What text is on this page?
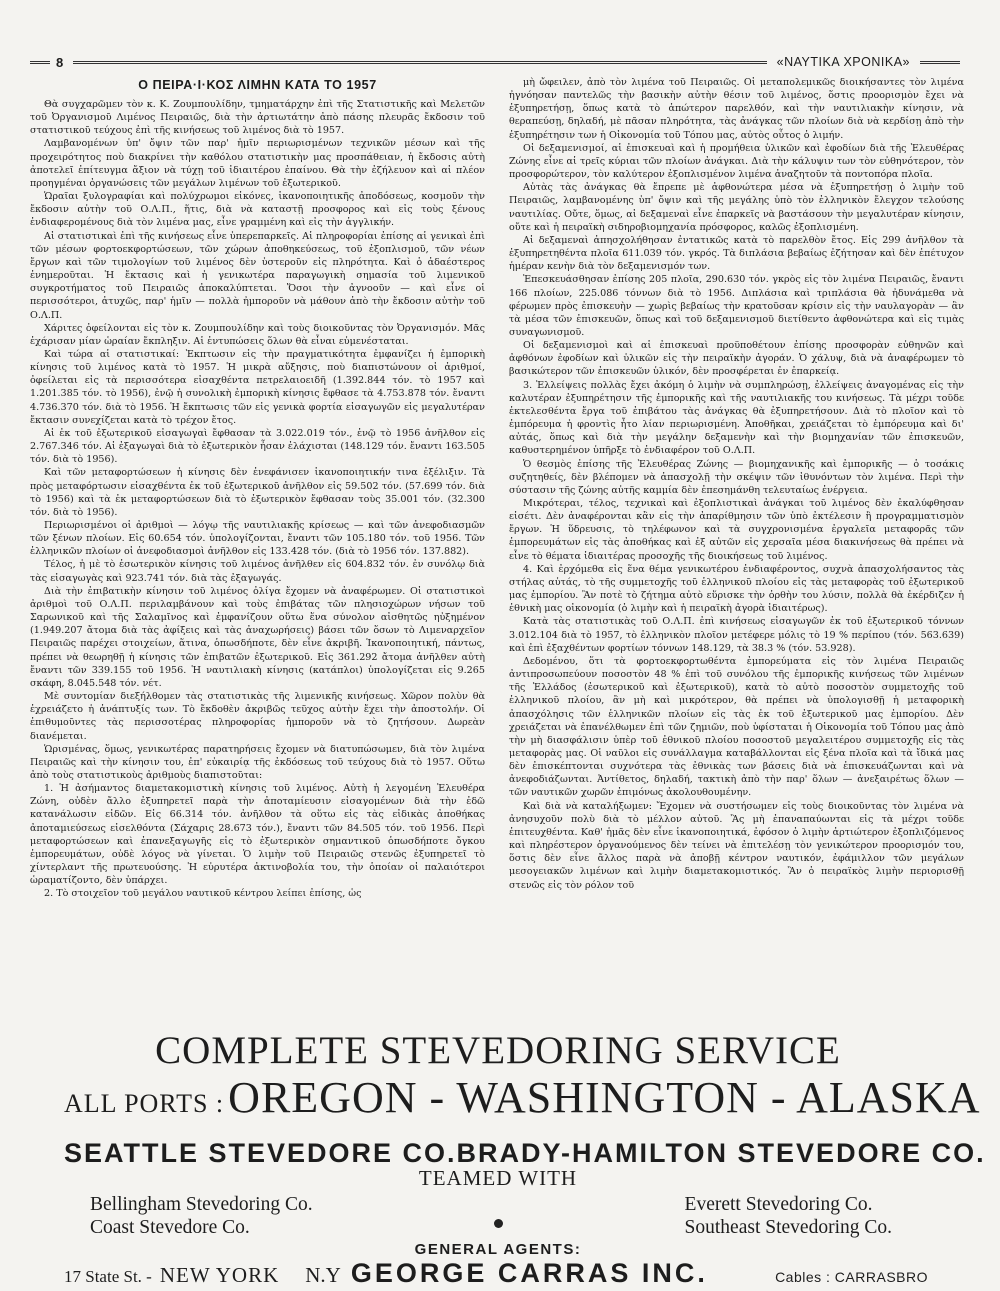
8	«ΝΑΥΤΙΚΑ ΧΡΟΝΙΚΑ»
Ο ΠΕΙΡΑ·Ι·ΚΟΣ ΛΙΜΗΝ ΚΑΤΑ ΤΟ 1957

Θὰ συγχαρῶμεν τὸν κ. Κ. Ζουμπουλίδην, τμηματάρχην ἐπὶ τῆς Στατιστικῆς καὶ Μελετῶν τοῦ Ὀργανισμοῦ Λιμένος Πειραιῶς, διὰ τὴν ἀρτιωτάτην ἀπὸ πάσης πλευρᾶς ἔκδοσιν τοῦ στατιστικοῦ τεύχους ἐπὶ τῆς κινήσεως τοῦ λιμένος διὰ τὸ 1957.

Λαμβανομένων ὑπ' ὄψιν τῶν παρ' ἡμῖν περιωρισμένων τεχνικῶν μέσων καὶ τῆς προχειρότητος ποὺ διακρίνει τὴν καθόλου στατιστικὴν μας προσπάθειαν, ἡ ἔκδοσις αὐτὴ ἀποτελεῖ ἐπίτευγμα ἄξιον νὰ τύχῃ τοῦ ἰδιαιτέρου ἐπαίνου. Θὰ τὴν ἐζήλευον καὶ αἱ πλέον προηγμέναι ὀργανώσεις τῶν μεγάλων λιμένων τοῦ ἐξωτερικοῦ.

Ὡραῖαι ξυλογραφίαι καὶ πολύχρωμοι εἰκόνες, ἱκανοποιητικῆς ἀποδόσεως, κοσμοῦν τὴν ἔκδοσιν αὐτὴν τοῦ Ο.Λ.Π., ἥτις, διὰ νὰ καταστῇ προσφορος καὶ εἰς τοὺς ξένους ἐνδιαφερομένους διὰ τὸν λιμένα μας, εἶνε γραμμένη καὶ εἰς τὴν ἀγγλικήν.

Αἱ στατιστικαὶ ἐπὶ τῆς κινήσεως εἶνε ὑπερεπαρκεῖς. Αἱ πληροφορίαι ἐπίσης αἱ γενικαὶ ἐπὶ τῶν μέσων φορτοεκφορτώσεων, τῶν χώρων ἀποθηκεύσεως, τοῦ ἐξοπλισμοῦ, τῶν νέων ἔργων καὶ τῶν τιμολογίων τοῦ λιμένος δὲν ὑστεροῦν εἰς πληρότητα. Καὶ ὁ ἀδαέστερος ἐνημεροῦται. Ἡ ἔκτασις καὶ ἡ γενικωτέρα παραγωγικὴ σημασία τοῦ λιμενικοῦ συγκροτήματος τοῦ Πειραιῶς ἀποκαλύπτεται. Ὅσοι τὴν ἀγνοοῦν — καὶ εἶνε οἱ περισσότεροι, ἀτυχῶς, παρ' ἡμῖν — πολλὰ ἠμποροῦν νὰ μάθουν ἀπὸ τὴν ἔκδοσιν αὐτὴν τοῦ Ο.Λ.Π.

Χάριτες ὀφείλονται εἰς τὸν κ. Ζουμπουλίδην καὶ τοὺς διοικοῦντας τὸν Ὀργανισμόν. Μᾶς ἐχάρισαν μίαν ὡραίαν ἔκπληξιν. Αἱ ἐντυπώσεις ὅλων θὰ εἶναι εὐμενέσταται.

Καὶ τώρα αἱ στατιστικαί: Ἐκπτωσιν εἰς τὴν πραγματικότητα ἐμφανίζει ἡ ἐμπορικὴ κίνησις τοῦ λιμένος κατὰ τὸ 1957. Ἡ μικρὰ αὔξησις, ποὺ διαπιστώνουν οἱ ἀριθμοί, ὀφείλεται εἰς τὰ περισσότερα εἰσαχθέντα πετρελαιοειδῆ (1.392.844 τόν. τὸ 1957 καὶ 1.201.385 τόν. τὸ 1956), ἐνῷ ἡ συνολικὴ ἐμπορικὴ κίνησις ἔφθασε τὰ 4.753.878 τόν. ἔναντι 4.736.370 τόν. διὰ τὸ 1956. Ἡ ἔκπτωσις τῶν εἰς γενικὰ φορτία εἰσαγωγῶν εἰς μεγαλυτέραν ἔκτασιν συνεχίζεται κατὰ τὸ τρέχον ἔτος.

Αἱ ἐκ τοῦ ἐξωτερικοῦ εἰσαγωγαὶ ἔφθασαν τὰ 3.022.019 τόν., ἐνῷ τὸ 1956 ἀνῆλθον εἰς 2.767.346 τόν. Αἱ ἐξαγωγαὶ διὰ τὸ ἐξωτερικὸν ἦσαν ἐλάχισται (148.129 τόν. ἔναντι 163.505 τόν. διὰ τὸ 1956).

Καὶ τῶν μεταφορτώσεων ἡ κίνησις δὲν ἐνεφάνισεν ἱκανοποιητικήν τινα ἐξέλιξιν. Τὰ πρὸς μεταφόρτωσιν εἰσαχθέντα ἐκ τοῦ ἐξωτερικοῦ ἀνῆλθον εἰς 59.502 τόν. (57.699 τόν. διὰ τὸ 1956) καὶ τὰ ἐκ μεταφορτώσεων διὰ τὸ ἐξωτερικὸν ἔφθασαν τοὺς 35.001 τόν. (32.300 τόν. διὰ τὸ 1956).

Περιωρισμένοι οἱ ἀριθμοὶ — λόγῳ τῆς ναυτιλιακῆς κρίσεως — καὶ τῶν ἀνεφοδιασμῶν τῶν ξένων πλοίων. Εἰς 60.654 τόν. ὑπολογίζονται, ἔναντι τῶν 105.180 τόν. τοῦ 1956. Τῶν ἑλληνικῶν πλοίων οἱ ἀνεφοδιασμοὶ ἀνῆλθον εἰς 133.428 τόν. (διὰ τὸ 1956 τόν. 137.882).

Τέλος, ἡ μὲ τὸ ἐσωτερικὸν κίνησις τοῦ λιμένος ἀνῆλθεν εἰς 604.832 τόν. ἐν συνόλῳ διὰ τὰς εἰσαγωγὰς καὶ 923.741 τόν. διὰ τὰς ἐξαγωγάς.

Διὰ τὴν ἐπιβατικὴν κίνησιν τοῦ λιμένος ὀλίγα ἔχομεν νὰ ἀναφέρωμεν. Οἱ στατιστικοὶ ἀριθμοὶ τοῦ Ο.Λ.Π. περιλαμβάνουν καὶ τοὺς ἐπιβάτας τῶν πλησιοχώρων νήσων τοῦ Σαρωνικοῦ καὶ τῆς Σαλαμῖνος καὶ ἐμφανίζουν οὕτω ἕνα σύνολον αἰσθητῶς ηὐξημένον (1.949.207 ἄτομα διὰ τὰς ἀφίξεις καὶ τὰς ἀναχωρήσεις) βάσει τῶν ὅσων τὸ Λιμεναρχεῖον Πειραιῶς παρέχει στοιχείων, ἅτινα, ὁπωσδήποτε, δὲν εἶνε ἀκριβῆ. Ἱκανοποιητική, πάντως, πρέπει νὰ θεωρηθῇ ἡ κίνησις τῶν ἐπιβατῶν ἐξωτερικοῦ. Εἰς 361.292 ἄτομα ἀνῆλθεν αὐτὴ ἔναντι τῶν 339.155 τοῦ 1956. Ἡ ναυτιλιακὴ κίνησις (κατάπλοι) ὑπολογίζεται εἰς 9.265 σκάφη, 8.045.548 τόν. νέτ.

Μὲ συντομίαν διεξήλθομεν τὰς στατιστικὰς τῆς λιμενικῆς κινήσεως. Χῶρον πολὺν θὰ ἐχρειάζετο ἡ ἀνάπτυξίς των. Τὸ ἔκδοθὲν ἀκριβῶς τεῦχος αὐτὴν ἔχει τὴν ἀποστολήν. Οἱ ἐπιθυμοῦντες τὰς περισσοτέρας πληροφορίας ἠμποροῦν νὰ τὸ ζητήσουν. Δωρεὰν διανέμεται.

Ὡρισμένας, ὅμως, γενικωτέρας παρατηρήσεις ἔχομεν νὰ διατυπώσωμεν, διὰ τὸν λιμένα Πειραιῶς καὶ τὴν κίνησιν του, ἐπ' εὐκαιρίᾳ τῆς ἐκδόσεως τοῦ τεύχους διὰ τὸ 1957. Οὕτω ἀπὸ τοὺς στατιστικοὺς ἀριθμοὺς διαπιστοῦται:

1. Ἡ ἀσήμαντος διαμετακομιστικὴ κίνησις τοῦ λιμένος. Αὐτὴ ἡ λεγομένη Ἐλευθέρα Ζώνη, οὐδὲν ἄλλο ἐξυπηρετεῖ παρὰ τὴν ἀποταμίευσιν εἰσαγομένων διὰ τὴν ἐδῶ κατανάλωσιν εἰδῶν. Εἰς 66.314 τόν. ἀνῆλθον τὰ οὕτω εἰς τὰς εἰδικὰς ἀποθήκας ἀποταμιεύσεως εἰσελθόντα (Σάχαρις 28.673 τόν.), ἔναντι τῶν 84.505 τόν. τοῦ 1956. Περὶ μεταφορτώσεων καὶ ἐπανεξαγωγῆς εἰς τὸ ἐξωτερικὸν σημαντικοῦ ὁπωσδήποτε ὄγκου ἐμπορευμάτων, οὐδὲ λόγος νὰ γίνεται. Ὁ λιμὴν τοῦ Πειραιῶς στενῶς ἐξυπηρετεῖ τὸ χίντερλαντ τῆς πρωτευούσης. Ἡ εὐρυτέρα ἀκτινοβολία του, τὴν ὁποίαν οἱ παλαιότεροι ὡραματίζοντο, δὲν ὑπάρχει.

2. Τὸ στοιχεῖον τοῦ μεγάλου ναυτικοῦ κέντρου λείπει ἐπίσης, ὡς

μὴ ὤφειλεν, ἀπὸ τὸν λιμένα τοῦ Πειραιῶς. Οἱ μεταπολεμικῶς διοικήσαντες τὸν λιμένα ἠγνόησαν παντελῶς τὴν βασικὴν αὐτὴν θέσιν τοῦ λιμένος, ὅστις προορισμὸν ἔχει νὰ ἐξυπηρετήσῃ, ὅπως κατὰ τὸ ἀπώτερον παρελθόν, καὶ τὴν ναυτιλιακὴν κίνησιν, νὰ θεραπεύσῃ, δηλαδή, μὲ πᾶσαν πληρότητα, τὰς ἀνάγκας τῶν πλοίων διὰ νὰ κερδίσῃ ἀπὸ τὴν ἐξυπηρέτησιν των ἡ Οἰκονομία τοῦ Τόπου μας, αὐτὸς οὗτος ὁ λιμήν.

Οἱ δεξαμενισμοί, αἱ ἐπισκευαὶ καὶ ἡ προμήθεια ὑλικῶν καὶ ἐφοδίων διὰ τῆς Ἐλευθέρας Ζώνης εἶνε αἱ τρεῖς κύριαι τῶν πλοίων ἀνάγκαι. Διὰ τὴν κάλυψιν των τὸν εὐθηνότερον, τὸν προσφορώτερον, τὸν καλύτερον ἐξοπλισμένον λιμένα ἀναζητοῦν τὰ ποντοπόρα πλοῖα.

Αὐτὰς τὰς ἀνάγκας θὰ ἔπρεπε μὲ ἀφθονώτερα μέσα νὰ ἐξυπηρετήσῃ ὁ λιμὴν τοῦ Πειραιῶς, λαμβανομένης ὑπ' ὄψιν καὶ τῆς μεγάλης ὑπὸ τὸν ἑλληνικὸν ἔλεγχον τελούσης ναυτιλίας. Οὔτε, ὅμως, αἱ δεξαμεναὶ εἶνε ἐπαρκεῖς νὰ βαστάσουν τὴν μεγαλυτέραν κίνησιν, οὔτε καὶ ἡ πειραϊκὴ σιδηροβιομηχανία πρόσφορος, καλῶς ἐξοπλισμένη.

Αἱ δεξαμεναὶ ἀπησχολήθησαν ἐντατικῶς κατὰ τὸ παρελθὸν ἔτος. Εἰς 299 ἀνῆλθον τὰ ἐξυπηρετηθέντα πλοῖα 611.039 τόν. γκρός. Τὰ διπλάσια βεβαίως ἐζήτησαν καὶ δὲν ἐπέτυχον ἡμέραν κενὴν διὰ τὸν δεξαμενισμόν των.

Ἐπεσκευάσθησαν ἐπίσης 205 πλοῖα, 290.630 τόν. γκρὸς εἰς τὸν λιμένα Πειραιῶς, ἔναντι 166 πλοίων, 225.086 τόννων διὰ τὸ 1956. Διπλάσια καὶ τριπλάσια θὰ ἠδυνάμεθα νὰ φέρωμεν πρὸς ἐπισκευὴν — χωρὶς βεβαίως τὴν κρατοῦσαν κρίσιν εἰς τὴν ναυλαγορὰν — ἂν τὰ μέσα τῶν ἐπισκευῶν, ὅπως καὶ τοῦ δεξαμενισμοῦ διετίθεντο ἀφθονώτερα καὶ εἰς τιμὰς συναγωνισμοῦ.

Οἱ δεξαμενισμοὶ καὶ αἱ ἐπισκευαὶ προϋποθέτουν ἐπίσης προσφορὰν εὐθηνῶν καὶ ἀφθόνων ἐφοδίων καὶ ὑλικῶν εἰς τὴν πειραϊκὴν ἀγοράν. Ὁ χάλυψ, διὰ νὰ ἀναφέρωμεν τὸ βασικώτερον τῶν ἐπισκευῶν ὑλικόν, δὲν προσφέρεται ἐν ἐπαρκείᾳ.

3. Ἐλλείψεις πολλὰς ἔχει ἀκόμη ὁ λιμὴν νὰ συμπληρώσῃ, ἐλλείψεις ἀναγομένας εἰς τὴν καλυτέραν ἐξυπηρέτησιν τῆς ἐμπορικῆς καὶ τῆς ναυτιλιακῆς του κινήσεως. Τὰ μέχρι τοῦδε ἐκτελεσθέντα ἔργα τοῦ ἐπιβάτου τὰς ἀνάγκας θὰ ἐξυπηρετήσουν. Διὰ τὸ πλοῖον καὶ τὸ ἐμπόρευμα ἡ φροντὶς ἦτο λίαν περιωρισμένη. Ἀποθῆκαι, χρειάζεται τὸ ἐμπόρευμα καὶ δι' αὐτάς, ὅπως καὶ διὰ τὴν μεγάλην δεξαμενὴν καὶ τὴν βιομηχανίαν τῶν ἐπισκευῶν, καθυστερημένον ὑπῆρξε τὸ ἐνδιαφέρον τοῦ Ο.Λ.Π.

Ὁ θεσμὸς ἐπίσης τῆς Ἐλευθέρας Ζώνης — βιομηχανικῆς καὶ ἐμπορικῆς — ὁ τοσάκις συζητηθείς, δὲν βλέπομεν νὰ ἀπασχολῇ τὴν σκέψιν τῶν ἰθυνόντων τὸν λιμένα. Περὶ τὴν σύστασιν τῆς ζώνης αὐτῆς καμμία δὲν ἐπεσημάνθη τελευταίως ἐνέργεια.

Μικρότεραι, τέλος, τεχνικαὶ καὶ ἐξοπλιστικαὶ ἀνάγκαι τοῦ λιμένος δὲν ἐκαλύφθησαν εἰσέτι. Δὲν ἀναφέρονται κἂν εἰς τὴν ἀπαρίθμησιν τῶν ὑπὸ ἐκτέλεσιν ἢ προγραμματισμὸν ἔργων. Ἡ ὕδρευσις, τὸ τηλέφωνον καὶ τὰ συγχρονισμένα ἐργαλεῖα μεταφορᾶς τῶν ἐμπορευμάτων εἰς τὰς ἀποθήκας καὶ ἐξ αὐτῶν εἰς χερσαῖα μέσα διακινήσεως θὰ πρέπει νὰ εἶνε τὸ θέματα ἰδιαιτέρας προσοχῆς τῆς διοικήσεως τοῦ λιμένος.

4. Καὶ ἐρχόμεθα εἰς ἕνα θέμα γενικωτέρου ἐνδιαφέροντος, συχνὰ ἀπασχολήσαντος τὰς στήλας αὐτάς, τὸ τῆς συμμετοχῆς τοῦ ἑλληνικοῦ πλοίου εἰς τὰς μεταφορὰς τοῦ ἐξωτερικοῦ μας ἐμπορίου. Ἂν ποτὲ τὸ ζήτημα αὐτὸ εὕρισκε τὴν ὀρθὴν του λύσιν, πολλὰ θὰ ἐκέρδιζεν ἡ ἐθνικὴ μας οἰκονομία (ὁ λιμὴν καὶ ἡ πειραϊκὴ ἀγορὰ ἰδιαιτέρως).

Κατὰ τὰς στατιστικὰς τοῦ Ο.Λ.Π. ἐπὶ κινήσεως εἰσαγωγῶν ἐκ τοῦ ἐξωτερικοῦ τόννων 3.012.104 διὰ τὸ 1957, τὸ ἑλληνικὸν πλοῖον μετέφερε μόλις τὸ 19 % περίπου (τόν. 563.639) καὶ ἐπὶ ἐξαχθέντων φορτίων τόννων 148.129, τὰ 38.3 % (τόν. 53.928).

Δεδομένου, ὅτι τὰ φορτοεκφορτωθέντα ἐμπορεύματα εἰς τὸν λιμένα Πειραιῶς ἀντιπροσωπεύουν ποσοστὸν 48 % ἐπὶ τοῦ συνόλου τῆς ἐμπορικῆς κινήσεως τῶν λιμένων τῆς Ἑλλάδος (ἐσωτερικοῦ καὶ ἐξωτερικοῦ), κατὰ τὸ αὐτὸ ποσοστὸν συμμετοχῆς τοῦ ἑλληνικοῦ πλοίου, ἂν μὴ καὶ μικρότερον, θὰ πρέπει νὰ ὑπολογισθῇ ἡ μεταφορικὴ ἀπασχόλησις τῶν ἑλληνικῶν πλοίων εἰς τὰς ἐκ τοῦ ἐξωτερικοῦ μας ἐμπορίου. Δὲν χρειάζεται νὰ ἐπανέλθωμεν ἐπὶ τῶν ζημιῶν, ποὺ ὑφίσταται ἡ Οἰκονομία τοῦ Τόπου μας ἀπὸ τὴν μὴ διασφάλισιν ὑπὲρ τοῦ ἐθνικοῦ πλοίου ποσοστοῦ μεγαλειτέρου συμμετοχῆς εἰς τὰς μεταφορὰς μας. Οἱ ναῦλοι εἰς συνάλλαγμα καταβάλλονται εἰς ξένα πλοῖα καὶ τὰ ἴδικά μας δὲν ἐπισκέπτονται συχνότερα τὰς ἐθνικὰς των βάσεις διὰ νὰ ἐπισκευάζωνται καὶ νὰ ἀνεφοδιάζωνται. Ἀντίθετος, δηλαδή, τακτικὴ ἀπὸ τὴν παρ' ὅλων — ἀνεξαιρέτως ὅλων — τῶν ναυτικῶν χωρῶν ἐπιμόνως ἀκολουθουμένην.

Καὶ διὰ νὰ καταλήξωμεν: Ἔχομεν νὰ συστήσωμεν εἰς τοὺς διοικοῦντας τὸν λιμένα νὰ ἀνησυχοῦν πολὺ διὰ τὸ μέλλον αὐτοῦ. Ἂς μὴ ἐπαναπαύωνται εἰς τὰ μέχρι τοῦδε ἐπιτευχθέντα. Καθ' ἡμᾶς δὲν εἶνε ἱκανοποιητικά, ἐφόσον ὁ λιμὴν ἀρτιώτερον ἐξοπλιζόμενος καὶ πληρέστερον ὀργανούμενος δὲν τείνει νὰ ἐπιτελέσῃ τὸν γενικώτερον προορισμόν του, ὅστις δὲν εἶνε ἄλλος παρὰ νὰ ἀποβῇ κέντρον ναυτικόν, ἐφάμιλλον τῶν μεγάλων μεσογειακῶν λιμένων καὶ λιμὴν διαμετακομιστικός. Ἂν ὁ πειραϊκὸς λιμὴν περιορισθῇ στενῶς εἰς τὸν ρόλον τοῦ

COMPLETE STEVEDORING SERVICE
ALL PORTS : OREGON - WASHINGTON - ALASKA
SEATTLE STEVEDORE CO. BRADY-HAMILTON STEVEDORE CO.
TEAMED WITH
Bellingham Stevedoring Co.
Coast Stevedore Co.
Everett Stevedoring Co.
Southeast Stevedoring Co.
GENERAL AGENTS:
17 State St. - NEW YORK N.Y GEORGE CARRAS INC.	Cables : CARRASBRO
